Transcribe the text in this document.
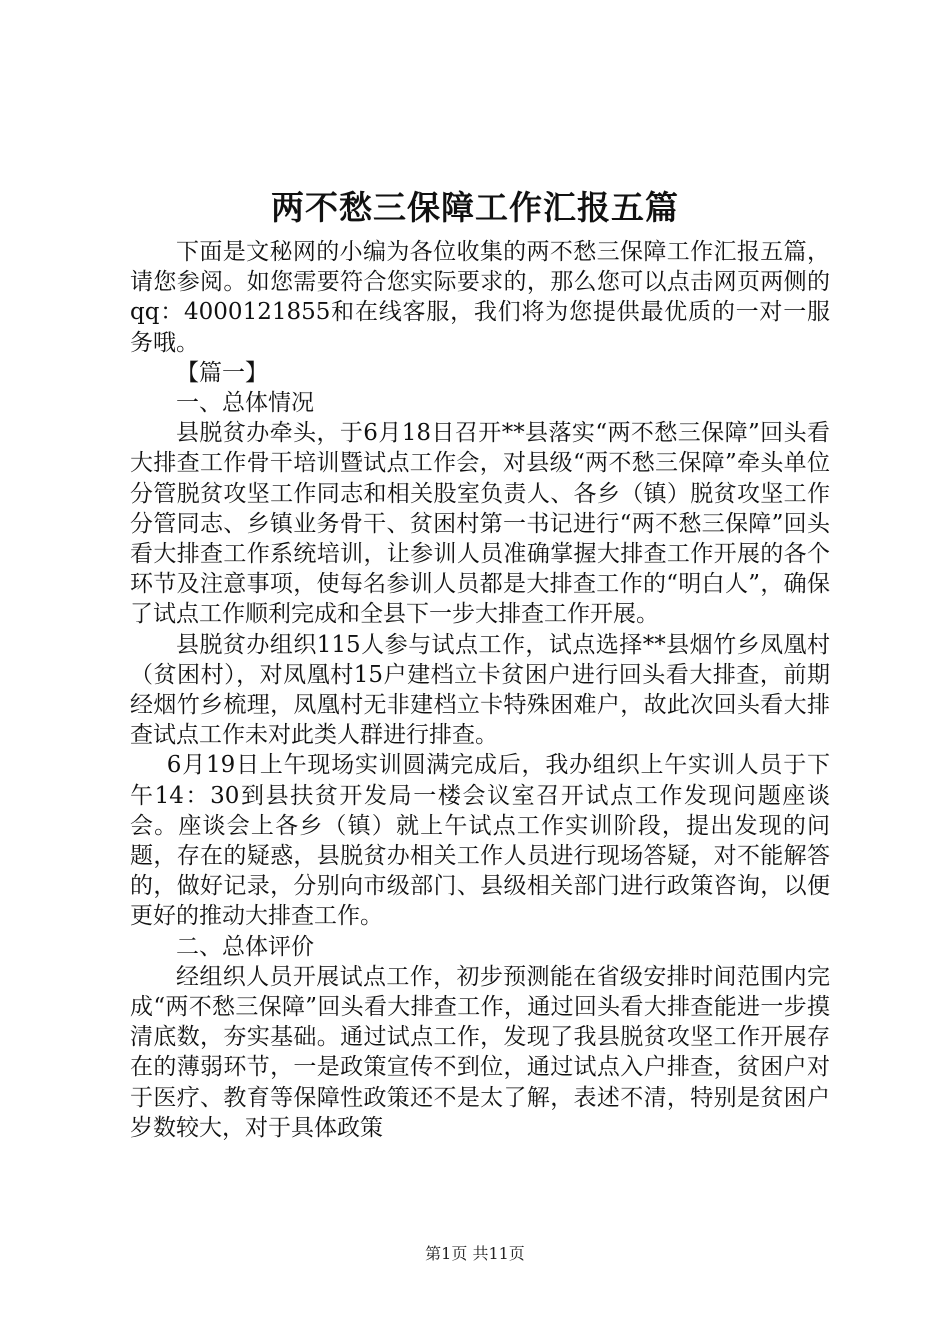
两不愁三保障工作汇报五篇

下面是文秘网的小编为各位收集的两不愁三保障工作汇报五篇，请您参阅。如您需要符合您实际要求的，那么您可以点击网页两侧的qq：4000121855和在线客服，我们将为您提供最优质的一对一服务哦。

【篇一】

一、总体情况

县脱贫办牵头，于6月18日召开**县落实“两不愁三保障”回头看大排查工作骨干培训暨试点工作会，对县级“两不愁三保障”牵头单位分管脱贫攻坚工作同志和相关股室负责人、各乡（镇）脱贫攻坚工作分管同志、乡镇业务骨干、贫困村第一书记进行“两不愁三保障”回头看大排查工作系统培训，让参训人员准确掌握大排查工作开展的各个环节及注意事项，使每名参训人员都是大排查工作的“明白人”，确保了试点工作顺利完成和全县下一步大排查工作开展。

县脱贫办组织115人参与试点工作，试点选择**县烟竹乡凤凰村（贫困村），对凤凰村15户建档立卡贫困户进行回头看大排查，前期经烟竹乡梳理，凤凰村无非建档立卡特殊困难户，故此次回头看大排查试点工作未对此类人群进行排查。

6月19日上午现场实训圆满完成后，我办组织上午实训人员于下午14：30到县扶贫开发局一楼会议室召开试点工作发现问题座谈会。座谈会上各乡（镇）就上午试点工作实训阶段，提出发现的问题，存在的疑惑，县脱贫办相关工作人员进行现场答疑，对不能解答的，做好记录，分别向市级部门、县级相关部门进行政策咨询，以便更好的推动大排查工作。

二、总体评价

经组织人员开展试点工作，初步预测能在省级安排时间范围内完成“两不愁三保障”回头看大排查工作，通过回头看大排查能进一步摸清底数，夯实基础。通过试点工作，发现了我县脱贫攻坚工作开展存在的薄弱环节，一是政策宣传不到位，通过试点入户排查，贫困户对于医疗、教育等保障性政策还不是太了解，表述不清，特别是贫困户岁数较大，对于具体政策

第1页 共11页
